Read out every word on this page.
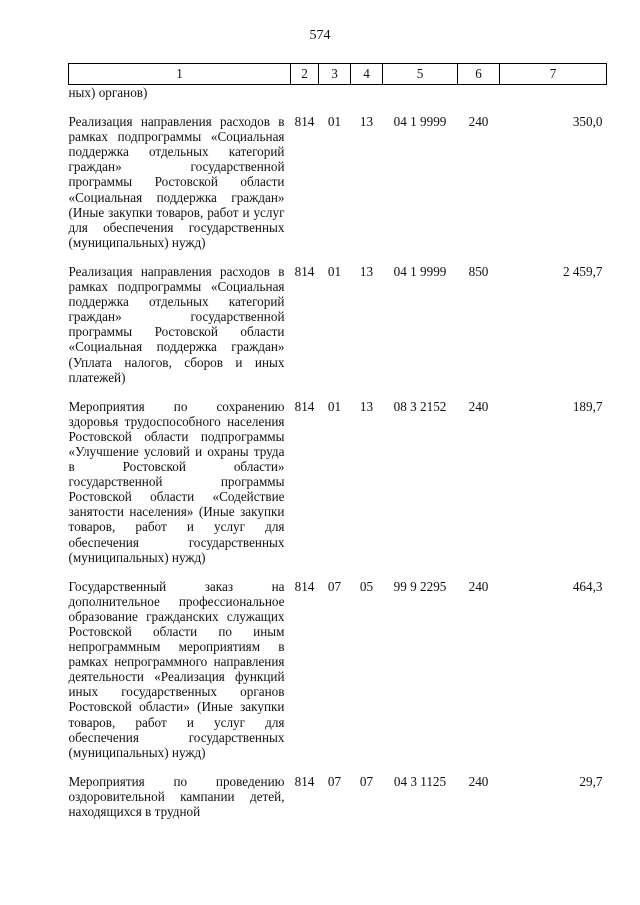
574
1	2	3	4	5	6	7
ных) органов)						

Реализация направления расходов в рамках подпрограммы «Социальная поддержка отдельных категорий граждан» государственной программы Ростовской области «Социальная поддержка граждан» (Иные закупки товаров, работ и услуг для обеспечения государственных (муниципальных) нужд)	814	01	13	04 1 9999	240	350,0

Реализация направления расходов в рамках подпрограммы «Социальная поддержка отдельных категорий граждан» государственной программы Ростовской области «Социальная поддержка граждан» (Уплата налогов, сборов и иных платежей)	814	01	13	04 1 9999	850	2 459,7

Мероприятия по сохранению здоровья трудоспособного населения Ростовской области подпрограммы «Улучшение условий и охраны труда в Ростовской области» государственной программы Ростовской области «Содействие занятости населения» (Иные закупки товаров, работ и услуг для обеспечения государственных (муниципальных) нужд)	814	01	13	08 3 2152	240	189,7

Государственный заказ на дополнительное профессиональное образование гражданских служащих Ростовской области по иным непрограммным мероприятиям в рамках непрограммного направления деятельности «Реализация функций иных государственных органов Ростовской области» (Иные закупки товаров, работ и услуг для обеспечения государственных (муниципальных) нужд)	814	07	05	99 9 2295	240	464,3

Мероприятия по проведению оздоровительной кампании детей, находящихся в трудной	814	07	07	04 3 1125	240	29,7
